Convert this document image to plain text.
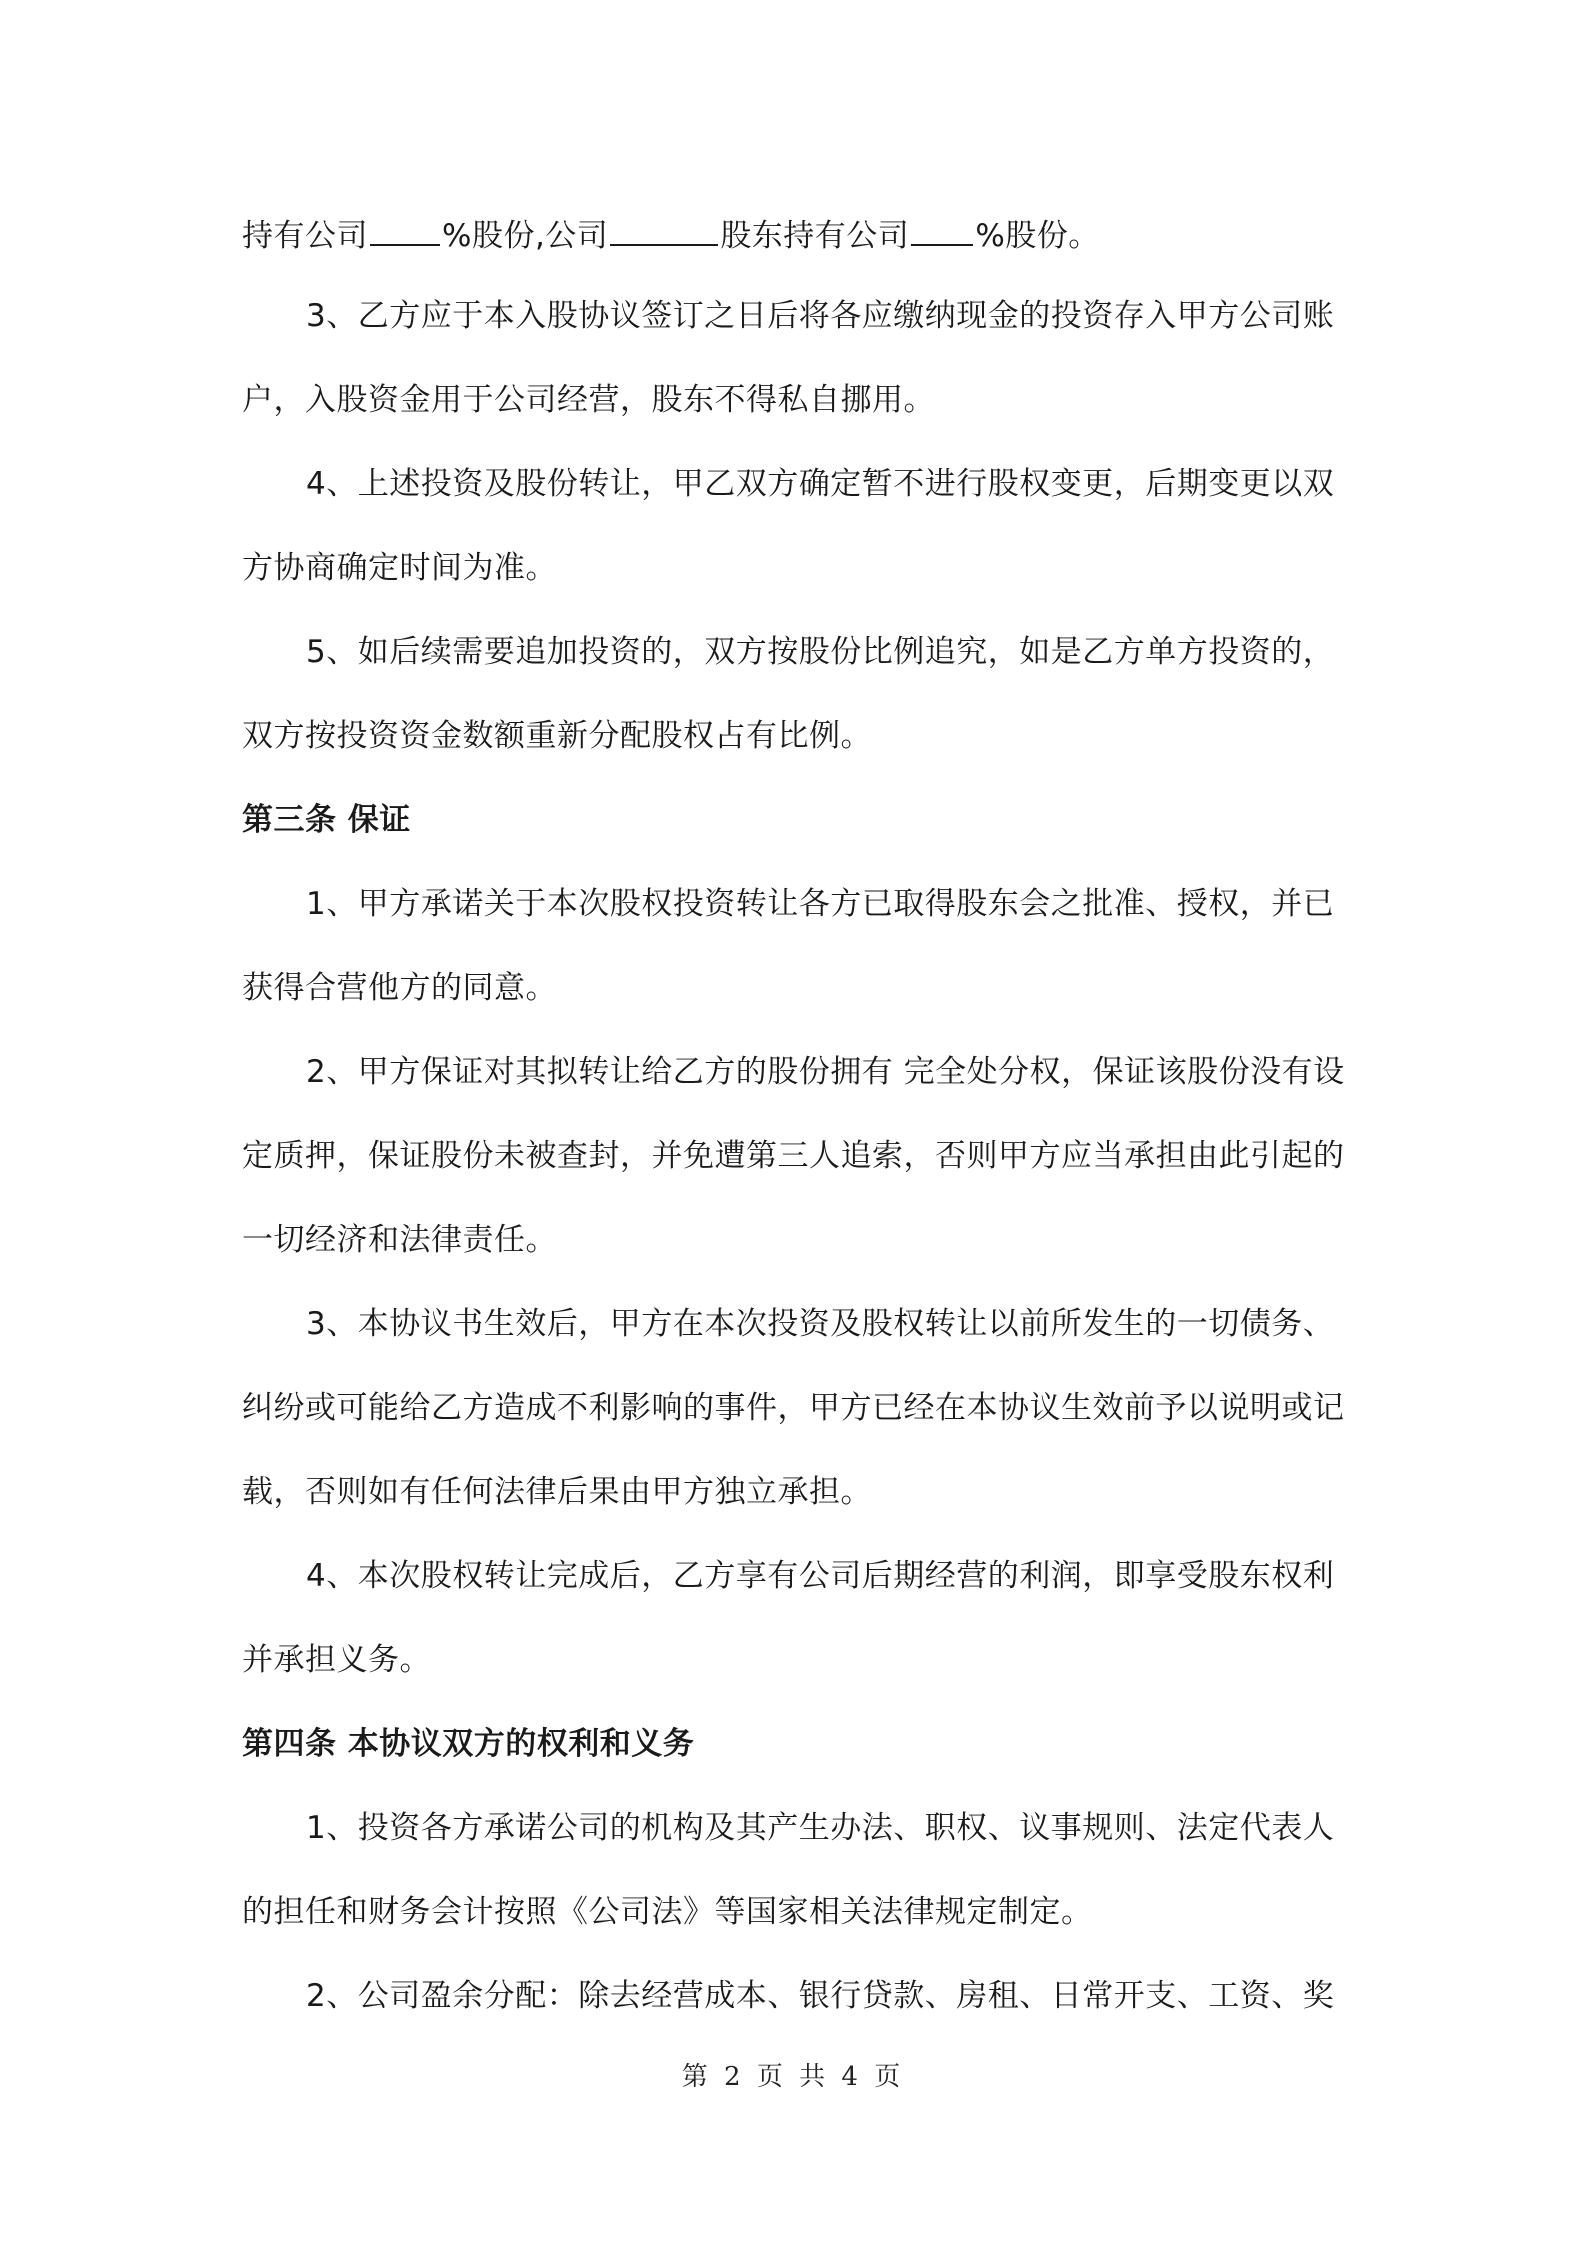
持有公司 %股份,公司	股东持有公司 %股份。
3、乙方应于本入股协议签订之日后将各应缴纳现金的投资存入甲方公司账
户，入股资金用于公司经营，股东不得私自挪用。
4、上述投资及股份转让，甲乙双方确定暂不进行股权变更，后期变更以双
方协商确定时间为准。
5、如后续需要追加投资的，双方按股份比例追究，如是乙方单方投资的，
双方按投资资金数额重新分配股权占有比例。
第三条 保证
1、甲方承诺关于本次股权投资转让各方已取得股东会之批准、授权，并已
获得合营他方的同意。
2、甲方保证对其拟转让给乙方的股份拥有 完全处分权，保证该股份没有设
定质押，保证股份未被查封，并免遭第三人追索，否则甲方应当承担由此引起的
一切经济和法律责任。
3、本协议书生效后，甲方在本次投资及股权转让以前所发生的一切债务、
纠纷或可能给乙方造成不利影响的事件，甲方已经在本协议生效前予以说明或记
载，否则如有任何法律后果由甲方独立承担。
4、本次股权转让完成后，乙方享有公司后期经营的利润，即享受股东权利
并承担义务。
第四条 本协议双方的权利和义务
1、投资各方承诺公司的机构及其产生办法、职权、议事规则、法定代表人
的担任和财务会计按照《公司法》等国家相关法律规定制定。
2、公司盈余分配：除去经营成本、银行贷款、房租、日常开支、工资、奖
第 2 页 共 4 页
